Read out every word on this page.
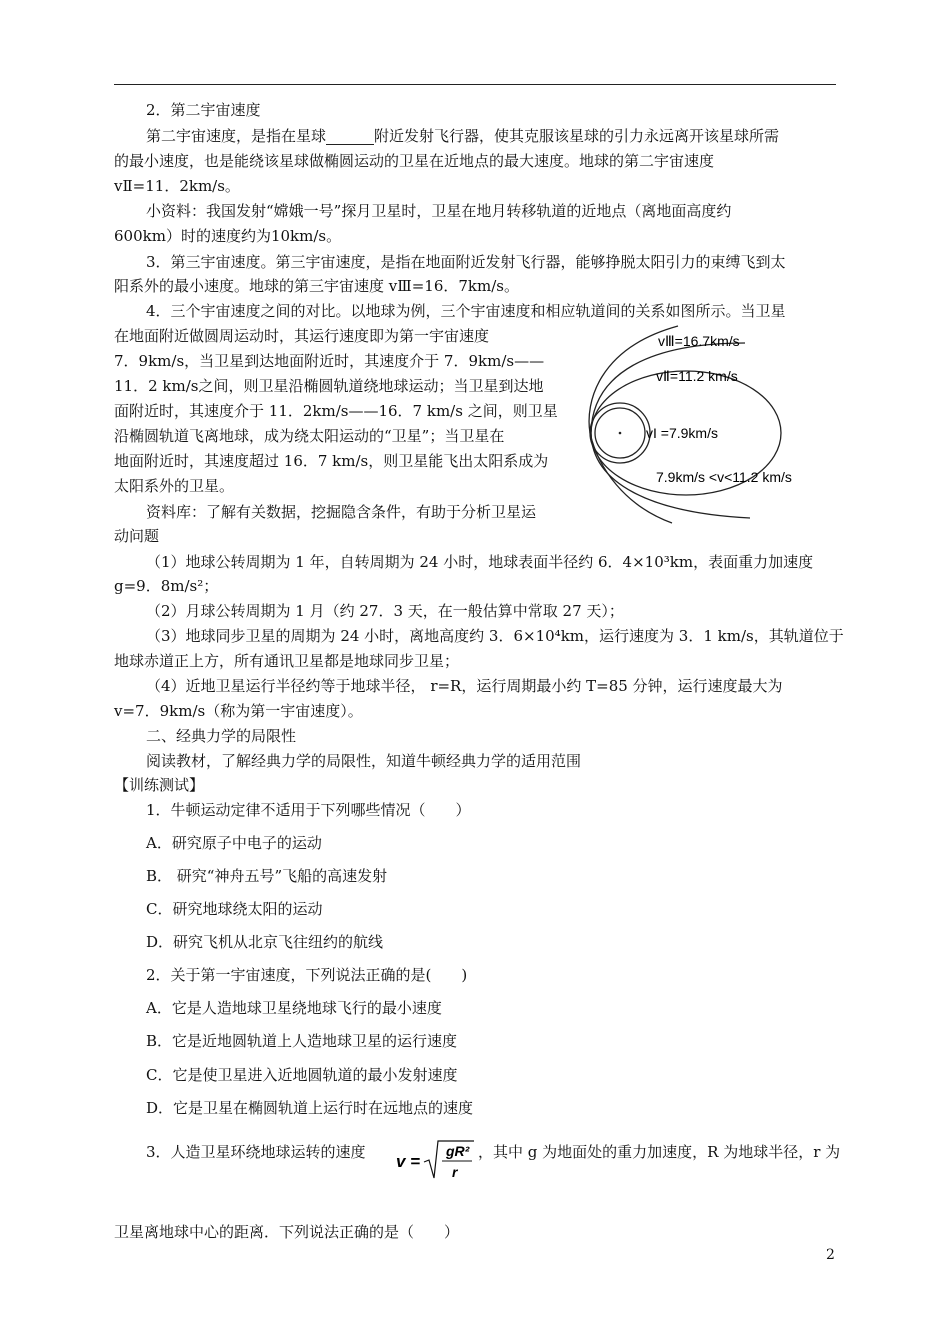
2．第二宇宙速度
第二宇宙速度，是指在星球	附近发射飞行器，使其克服该星球的引力永远离开该星球所需
的最小速度，也是能绕该星球做椭圆运动的卫星在近地点的最大速度。地球的第二宇宙速度
vⅡ=11．2km/s。
小资料：我国发射“嫦娥一号”探月卫星时，卫星在地月转移轨道的近地点（离地面高度约
600km）时的速度约为10km/s。
3．第三宇宙速度。第三宇宙速度，是指在地面附近发射飞行器，能够挣脱太阳引力的束缚飞到太
阳系外的最小速度。地球的第三宇宙速度 vⅢ=16．7km/s。
4．三个宇宙速度之间的对比。以地球为例，三个宇宙速度和相应轨道间的关系如图所示。当卫星
在地面附近做圆周运动时，其运行速度即为第一宇宙速度
7．9km/s，当卫星到达地面附近时，其速度介于 7．9km/s——
11．2 km/s之间，则卫星沿椭圆轨道绕地球运动；当卫星到达地
面附近时，其速度介于 11．2km/s——16．7 km/s 之间，则卫星
沿椭圆轨道飞离地球，成为绕太阳运动的“卫星”；当卫星在
地面附近时，其速度超过 16．7 km/s，则卫星能飞出太阳系成为
太阳系外的卫星。
资料库：了解有关数据，挖掘隐含条件，有助于分析卫星运
动问题
（1）地球公转周期为 1 年，自转周期为 24 小时，地球表面半径约 6．4×10³km，表面重力加速度
g=9．8m/s²；
（2）月球公转周期为 1 月（约 27．3 天，在一般估算中常取 27 天）；
（3）地球同步卫星的周期为 24 小时，离地高度约 3．6×10⁴km，运行速度为 3．1 km/s，其轨道位于
地球赤道正上方，所有通讯卫星都是地球同步卫星；
（4）近地卫星运行半径约等于地球半径， r=R，运行周期最小约 T=85 分钟，运行速度最大为
v=7．9km/s（称为第一宇宙速度）。
二、经典力学的局限性
阅读教材，了解经典力学的局限性，知道牛顿经典力学的适用范围
【训练测试】
1．牛顿运动定律不适用于下列哪些情况（　　）
A．研究原子中电子的运动
B． 研究“神舟五号”飞船的高速发射
C．研究地球绕太阳的运动
D．研究飞机从北京飞往纽约的航线
2．关于第一宇宙速度，下列说法正确的是(　　)
A．它是人造地球卫星绕地球飞行的最小速度
B．它是近地圆轨道上人造地球卫星的运行速度
C．它是使卫星进入近地圆轨道的最小发射速度
D．它是卫星在椭圆轨道上运行时在远地点的速度
3．人造卫星环绕地球运转的速度	，其中 g 为地面处的重力加速度，R 为地球半径，r 为
卫星离地球中心的距离．下列说法正确的是（　　）
v =
gR²
r
vⅢ=16.7km/s
vⅡ=11.2 km/s
vI =7.9km/s
7.9km/s <v<11.2 km/s
2
